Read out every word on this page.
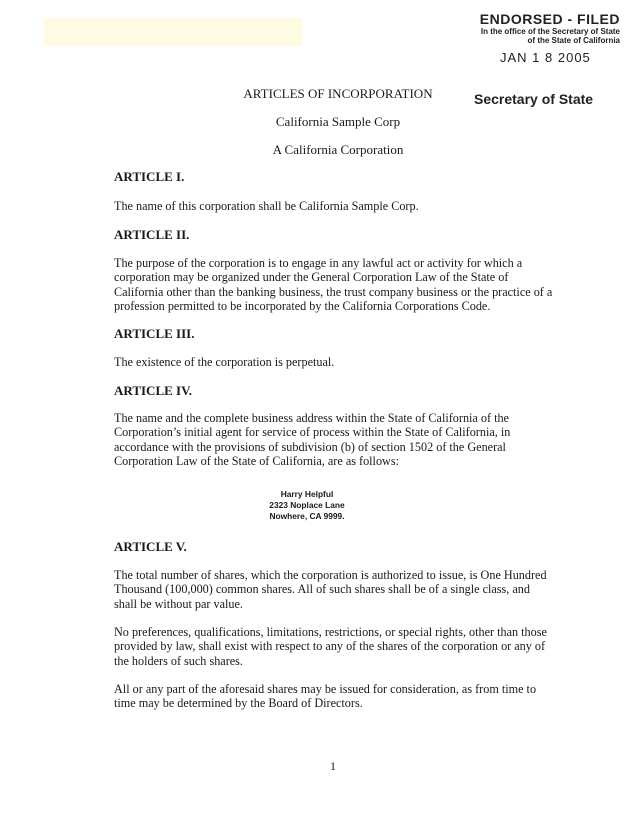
ENDORSED - FILED
In the office of the Secretary of State
of the State of California
JAN 1 8 2005
Secretary of State
ARTICLES OF INCORPORATION
California Sample Corp
A California Corporation
ARTICLE I.
The name of this corporation shall be California Sample Corp.
ARTICLE II.
The purpose of the corporation is to engage in any lawful act or activity for which a
corporation may be organized under the General Corporation Law of the State of
California other than the banking business, the trust company business or the practice of a
profession permitted to be incorporated by the California Corporations Code.
ARTICLE III.
The existence of the corporation is perpetual.
ARTICLE IV.
The name and the complete business address within the State of California of the
Corporation’s initial agent for service of process within the State of California, in
accordance with the provisions of subdivision (b) of section 1502 of the General
Corporation Law of the State of California, are as follows:
Harry Helpful
2323 Noplace Lane
Nowhere, CA 9999.
ARTICLE V.
The total number of shares, which the corporation is authorized to issue, is One Hundred
Thousand (100,000) common shares. All of such shares shall be of a single class, and
shall be without par value.
No preferences, qualifications, limitations, restrictions, or special rights, other than those
provided by law, shall exist with respect to any of the shares of the corporation or any of
the holders of such shares.
All or any part of the aforesaid shares may be issued for consideration, as from time to
time may be determined by the Board of Directors.
1
